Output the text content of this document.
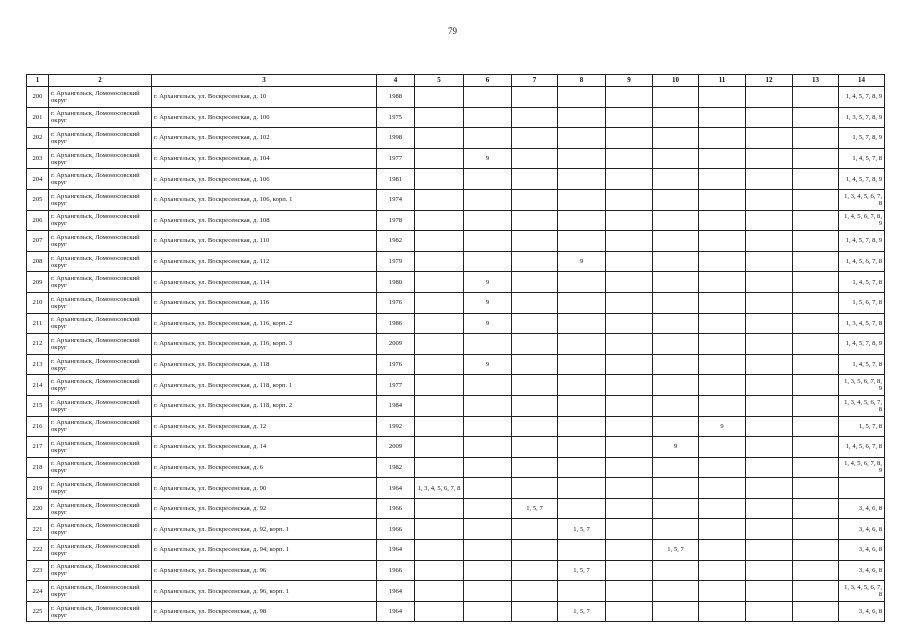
79
1	2	3	4	5	6	7	8	9	10	11	12	13	14
200	г. Архангельск, Ломоносовский округ	г. Архангельск, ул. Воскресенская, д. 10	1988										1, 4, 5, 7, 8, 9
201	г. Архангельск, Ломоносовский округ	г. Архангельск, ул. Воскресенская, д. 100	1975										1, 3, 5, 7, 8, 9
202	г. Архангельск, Ломоносовский округ	г. Архангельск, ул. Воскресенская, д. 102	1998										1, 5, 7, 8, 9
203	г. Архангельск, Ломоносовский округ	г. Архангельск, ул. Воскресенская, д. 104	1977		9								1, 4, 5, 7, 8
204	г. Архангельск, Ломоносовский округ	г. Архангельск, ул. Воскресенская, д. 106	1981										1, 4, 5, 7, 8, 9
205	г. Архангельск, Ломоносовский округ	г. Архангельск, ул. Воскресенская, д. 106, корп. 1	1974										1, 3, 4, 5, 6, 7, 8
206	г. Архангельск, Ломоносовский округ	г. Архангельск, ул. Воскресенская, д. 108	1978										1, 4, 5, 6, 7, 8, 9
207	г. Архангельск, Ломоносовский округ	г. Архангельск, ул. Воскресенская, д. 110	1982										1, 4, 5, 7, 8, 9
208	г. Архангельск, Ломоносовский округ	г. Архангельск, ул. Воскресенская, д. 112	1979				9						1, 4, 5, 6, 7, 8
209	г. Архангельск, Ломоносовский округ	г. Архангельск, ул. Воскресенская, д. 114	1980		9								1, 4, 5, 7, 8
210	г. Архангельск, Ломоносовский округ	г. Архангельск, ул. Воскресенская, д. 116	1976		9								1, 5, 6, 7, 8
211	г. Архангельск, Ломоносовский округ	г. Архангельск, ул. Воскресенская, д. 116, корп. 2	1986		9								1, 3, 4, 5, 7, 8
212	г. Архангельск, Ломоносовский округ	г. Архангельск, ул. Воскресенская, д. 116, корп. 3	2009										1, 4, 5, 7, 8, 9
213	г. Архангельск, Ломоносовский округ	г. Архангельск, ул. Воскресенская, д. 118	1976		9								1, 4, 5, 7, 8
214	г. Архангельск, Ломоносовский округ	г. Архангельск, ул. Воскресенская, д. 118, корп. 1	1977										1, 3, 5, 6, 7, 8, 9
215	г. Архангельск, Ломоносовский округ	г. Архангельск, ул. Воскресенская, д. 118, корп. 2	1984										1, 3, 4, 5, 6, 7, 8
216	г. Архангельск, Ломоносовский округ	г. Архангельск, ул. Воскресенская, д. 12	1992							9			1, 5, 7, 8
217	г. Архангельск, Ломоносовский округ	г. Архангельск, ул. Воскресенская, д. 14	2009						9				1, 4, 5, 6, 7, 8
218	г. Архангельск, Ломоносовский округ	г. Архангельск, ул. Воскресенская, д. 6	1982										1, 4, 5, 6, 7, 8, 9
219	г. Архангельск, Ломоносовский округ	г. Архангельск, ул. Воскресенская, д. 90	1964	1, 3, 4, 5, 6, 7, 8									
220	г. Архангельск, Ломоносовский округ	г. Архангельск, ул. Воскресенская, д. 92	1966			1, 5, 7							3, 4, 6, 8
221	г. Архангельск, Ломоносовский округ	г. Архангельск, ул. Воскресенская, д. 92, корп. 1	1966				1, 5, 7						3, 4, 6, 8
222	г. Архангельск, Ломоносовский округ	г. Архангельск, ул. Воскресенская, д. 94, корп. 1	1964						1, 5, 7				3, 4, 6, 8
223	г. Архангельск, Ломоносовский округ	г. Архангельск, ул. Воскресенская, д. 96	1966				1, 5, 7						3, 4, 6, 8
224	г. Архангельск, Ломоносовский округ	г. Архангельск, ул. Воскресенская, д. 96, корп. 1	1964										1, 3, 4, 5, 6, 7, 8
225	г. Архангельск, Ломоносовский округ	г. Архангельск, ул. Воскресенская, д. 98	1964				1, 5, 7						3, 4, 6, 8
